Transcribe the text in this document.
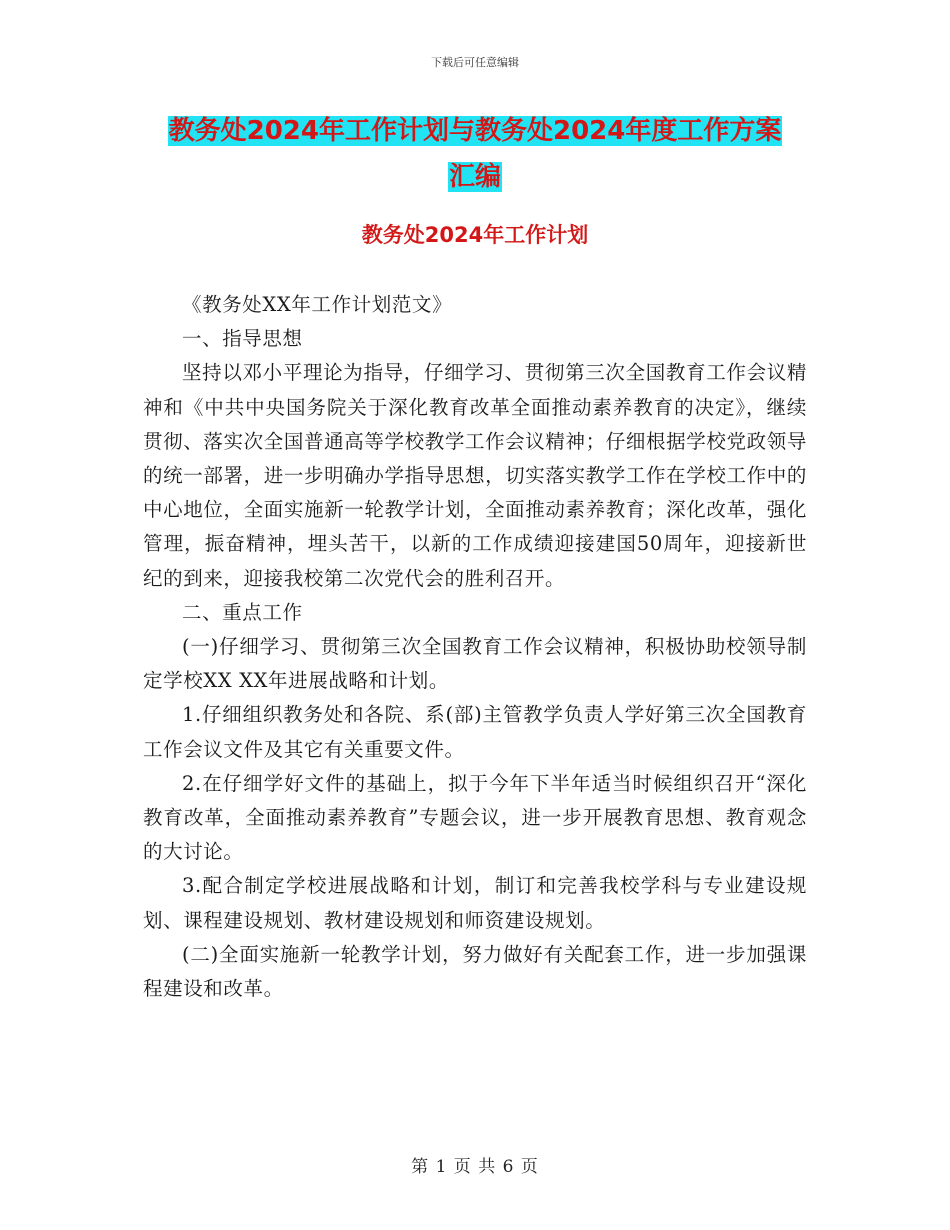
下载后可任意编辑
教务处2024年工作计划与教务处2024年度工作方案
汇编
教务处2024年工作计划

《教务处XX年工作计划范文》

一、指导思想

坚持以邓小平理论为指导，仔细学习、贯彻第三次全国教育工作会议精神和《中共中央国务院关于深化教育改革全面推动素养教育的决定》，继续贯彻、落实次全国普通高等学校教学工作会议精神；仔细根据学校党政领导的统一部署，进一步明确办学指导思想，切实落实教学工作在学校工作中的中心地位，全面实施新一轮教学计划，全面推动素养教育；深化改革，强化管理，振奋精神，埋头苦干，以新的工作成绩迎接建国50周年，迎接新世纪的到来，迎接我校第二次党代会的胜利召开。

二、重点工作

(一)仔细学习、贯彻第三次全国教育工作会议精神，积极协助校领导制定学校XX XX年进展战略和计划。

1.仔细组织教务处和各院、系(部)主管教学负责人学好第三次全国教育工作会议文件及其它有关重要文件。

2.在仔细学好文件的基础上，拟于今年下半年适当时候组织召开“深化教育改革，全面推动素养教育”专题会议，进一步开展教育思想、教育观念的大讨论。

3.配合制定学校进展战略和计划，制订和完善我校学科与专业建设规划、课程建设规划、教材建设规划和师资建设规划。

(二)全面实施新一轮教学计划，努力做好有关配套工作，进一步加强课程建设和改革。

第 1 页 共 6 页
